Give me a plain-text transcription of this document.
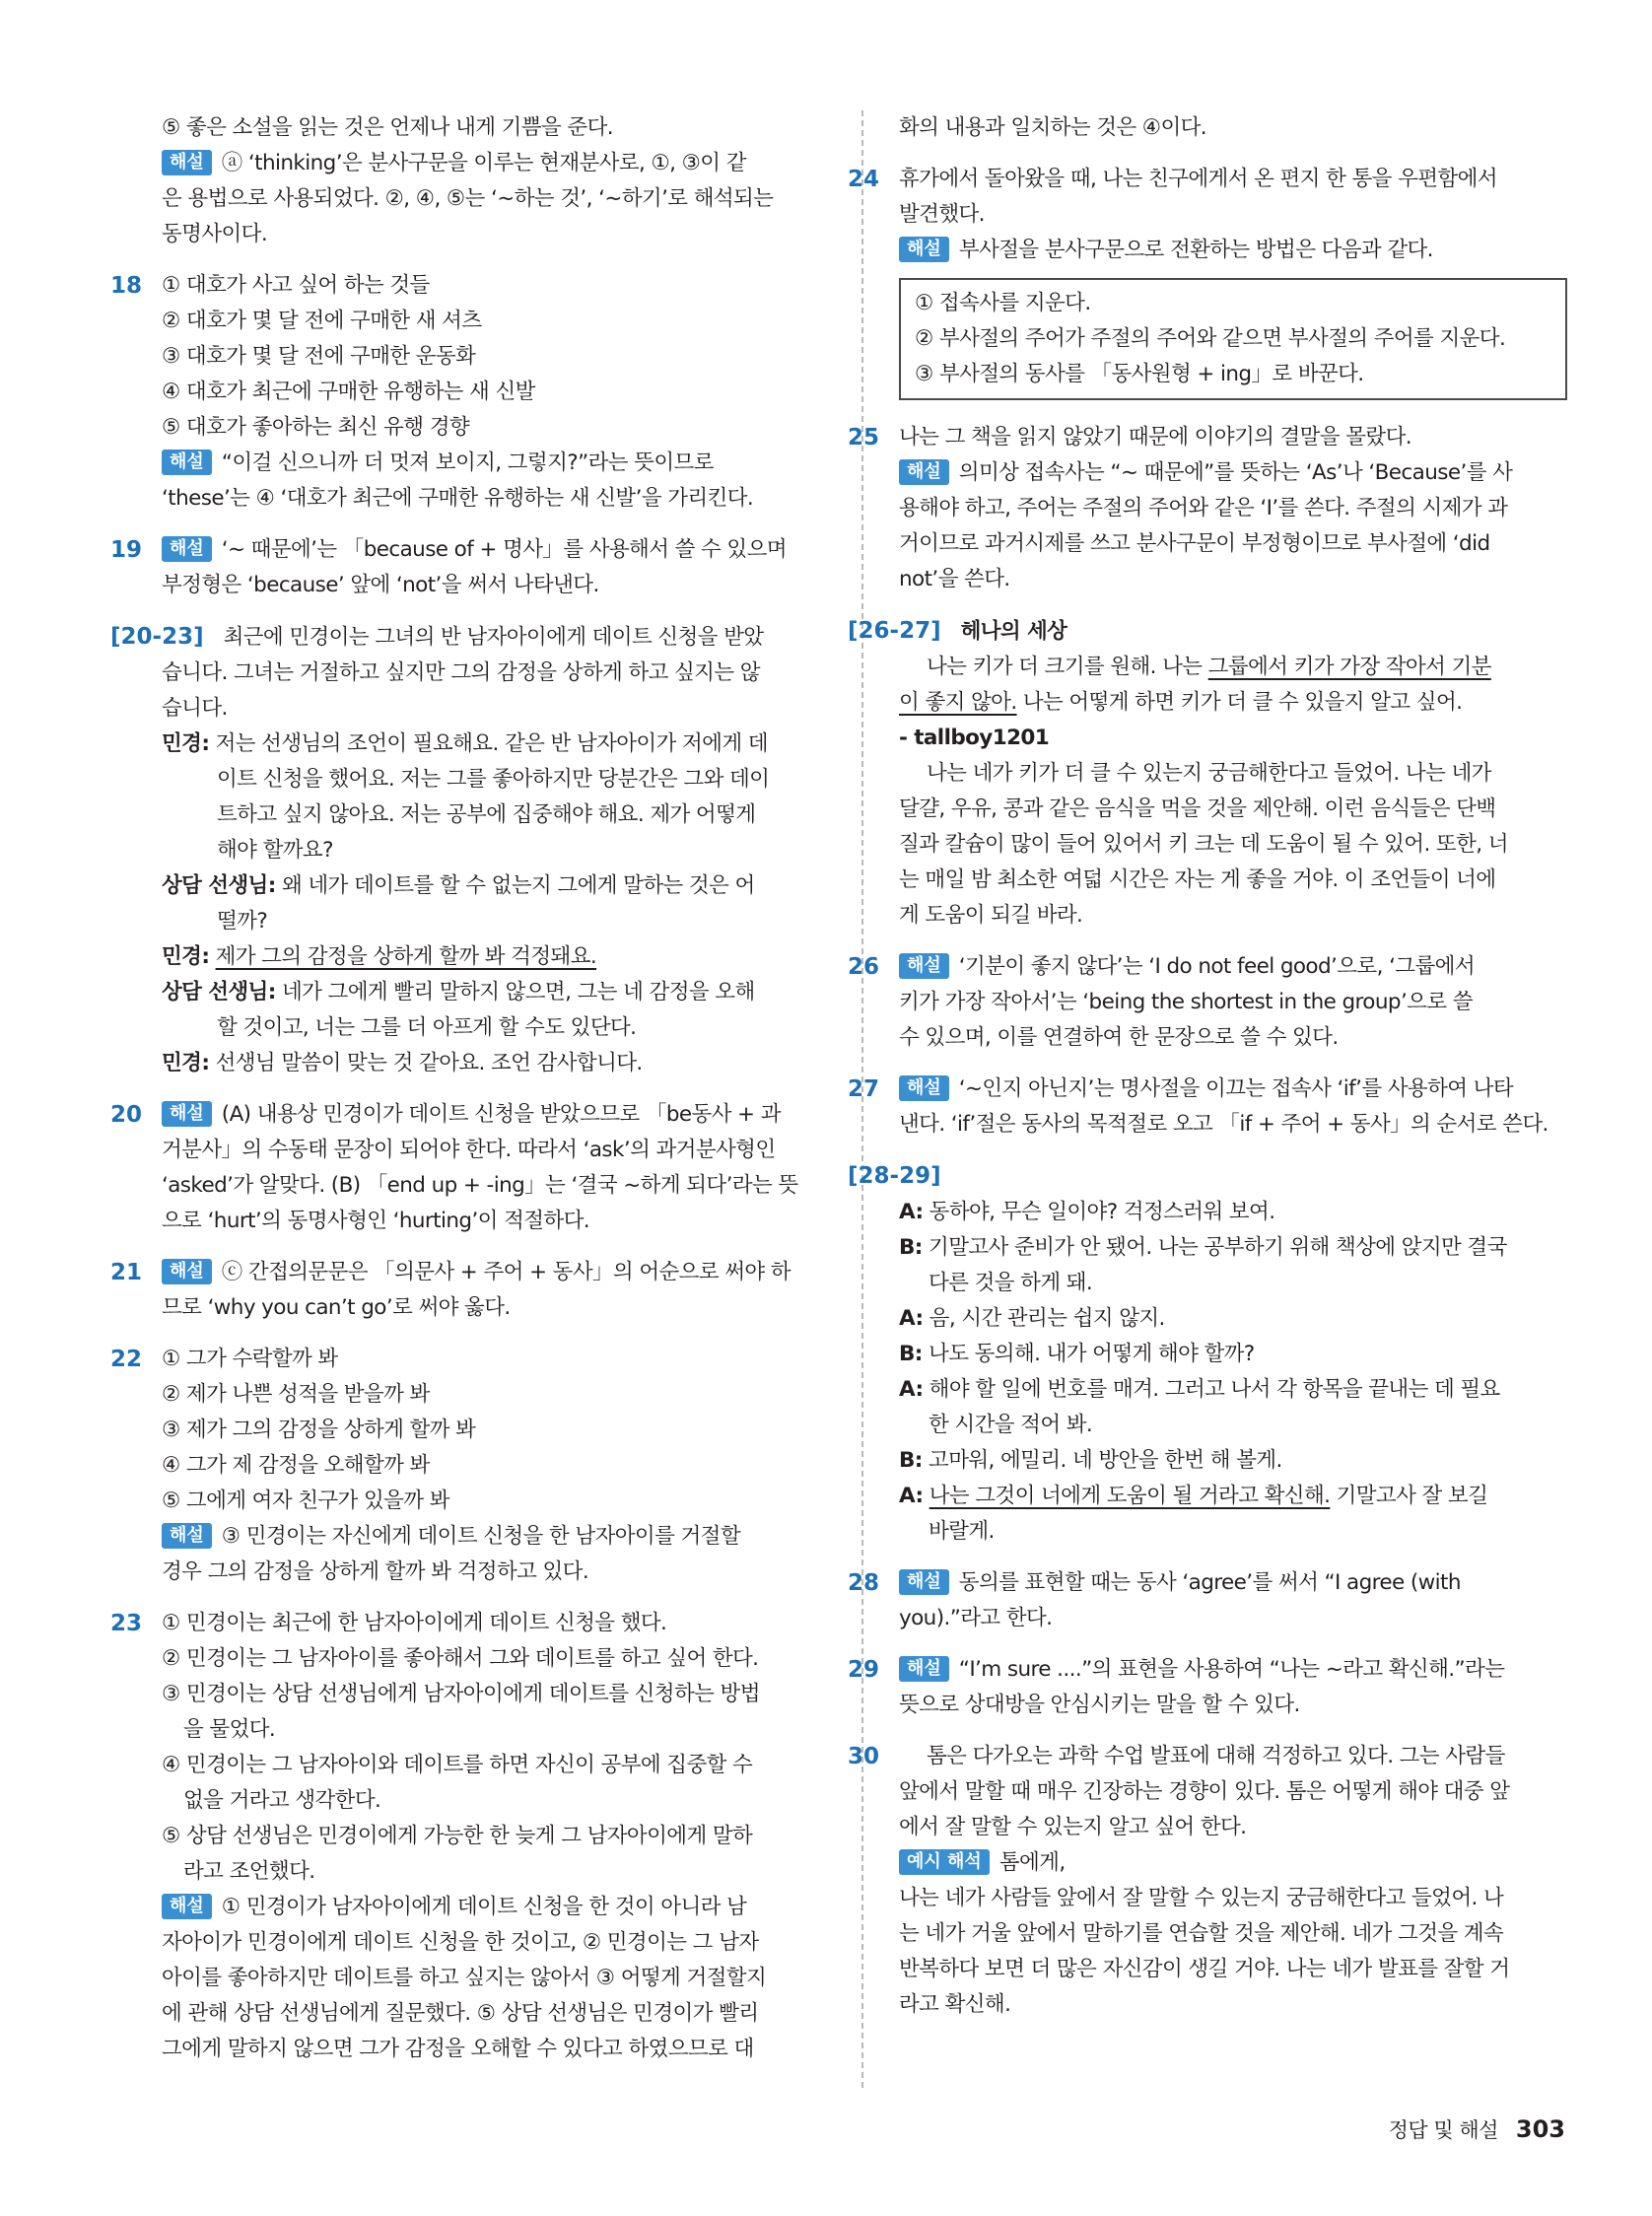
⑤ 좋은 소설을 읽는 것은 언제나 내게 기쁨을 준다.
해설 ⓐ ‘thinking’은 분사구문을 이루는 현재분사로, ①, ③이 같
은 용법으로 사용되었다. ②, ④, ⑤는 ‘~하는 것’, ‘~하기’로 해석되는
동명사이다.
18 ① 대호가 사고 싶어 하는 것들
② 대호가 몇 달 전에 구매한 새 셔츠
③ 대호가 몇 달 전에 구매한 운동화
④ 대호가 최근에 구매한 유행하는 새 신발
⑤ 대호가 좋아하는 최신 유행 경향
해설 “이걸 신으니까 더 멋져 보이지, 그렇지?”라는 뜻이므로
‘these’는 ④ ‘대호가 최근에 구매한 유행하는 새 신발’을 가리킨다.
19	해설 ‘~ 때문에’는 「because of + 명사」를 사용해서 쓸 수 있으며
부정형은 ‘because’ 앞에 ‘not’을 써서 나타낸다.
[20-23] 최근에 민경이는 그녀의 반 남자아이에게 데이트 신청을 받았
습니다. 그녀는 거절하고 싶지만 그의 감정을 상하게 하고 싶지는 않
습니다.
민경: 저는 선생님의 조언이 필요해요. 같은 반 남자아이가 저에게 데
이트 신청을 했어요. 저는 그를 좋아하지만 당분간은 그와 데이
트하고 싶지 않아요. 저는 공부에 집중해야 해요. 제가 어떻게
해야 할까요?
상담 선생님: 왜 네가 데이트를 할 수 없는지 그에게 말하는 것은 어
떨까?
민경: 제가 그의 감정을 상하게 할까 봐 걱정돼요.
상담 선생님: 네가 그에게 빨리 말하지 않으면, 그는 네 감정을 오해
할 것이고, 너는 그를 더 아프게 할 수도 있단다.
민경: 선생님 말씀이 맞는 것 같아요. 조언 감사합니다.
20	해설 (A) 내용상 민경이가 데이트 신청을 받았으므로 「be동사 + 과
거분사」의 수동태 문장이 되어야 한다. 따라서 ‘ask’의 과거분사형인
‘asked’가 알맞다. (B) 「end up + -ing」는 ‘결국 ~하게 되다’라는 뜻
으로 ‘hurt’의 동명사형인 ‘hurting’이 적절하다.
21	해설 ⓒ 간접의문문은 「의문사 + 주어 + 동사」의 어순으로 써야 하
므로 ‘why you can’t go’로 써야 옳다.
22 ① 그가 수락할까 봐
② 제가 나쁜 성적을 받을까 봐
③ 제가 그의 감정을 상하게 할까 봐
④ 그가 제 감정을 오해할까 봐
⑤ 그에게 여자 친구가 있을까 봐
해설 ③ 민경이는 자신에게 데이트 신청을 한 남자아이를 거절할
경우 그의 감정을 상하게 할까 봐 걱정하고 있다.
23 ① 민경이는 최근에 한 남자아이에게 데이트 신청을 했다.
② 민경이는 그 남자아이를 좋아해서 그와 데이트를 하고 싶어 한다.
③ 민경이는 상담 선생님에게 남자아이에게 데이트를 신청하는 방법
을 물었다.
④ 민경이는 그 남자아이와 데이트를 하면 자신이 공부에 집중할 수
없을 거라고 생각한다.
⑤ 상담 선생님은 민경이에게 가능한 한 늦게 그 남자아이에게 말하
라고 조언했다.
해설 ① 민경이가 남자아이에게 데이트 신청을 한 것이 아니라 남
자아이가 민경이에게 데이트 신청을 한 것이고, ② 민경이는 그 남자
아이를 좋아하지만 데이트를 하고 싶지는 않아서 ③ 어떻게 거절할지
에 관해 상담 선생님에게 질문했다. ⑤ 상담 선생님은 민경이가 빨리
그에게 말하지 않으면 그가 감정을 오해할 수 있다고 하였으므로 대
화의 내용과 일치하는 것은 ④이다.
24 휴가에서 돌아왔을 때, 나는 친구에게서 온 편지 한 통을 우편함에서
발견했다.
해설 부사절을 분사구문으로 전환하는 방법은 다음과 같다.
① 접속사를 지운다.
② 부사절의 주어가 주절의 주어와 같으면 부사절의 주어를 지운다.
③ 부사절의 동사를 「동사원형 + ing」로 바꾼다.
25 나는 그 책을 읽지 않았기 때문에 이야기의 결말을 몰랐다.
해설 의미상 접속사는 “~ 때문에”를 뜻하는 ‘As’나 ‘Because’를 사
용해야 하고, 주어는 주절의 주어와 같은 ‘I’를 쓴다. 주절의 시제가 과
거이므로 과거시제를 쓰고 분사구문이 부정형이므로 부사절에 ‘did
not’을 쓴다.
[26-27] 헤나의 세상
나는 키가 더 크기를 원해. 나는 그룹에서 키가 가장 작아서 기분
이 좋지 않아. 나는 어떻게 하면 키가 더 클 수 있을지 알고 싶어.
- tallboy1201
나는 네가 키가 더 클 수 있는지 궁금해한다고 들었어. 나는 네가
달걀, 우유, 콩과 같은 음식을 먹을 것을 제안해. 이런 음식들은 단백
질과 칼슘이 많이 들어 있어서 키 크는 데 도움이 될 수 있어. 또한, 너
는 매일 밤 최소한 여덟 시간은 자는 게 좋을 거야. 이 조언들이 너에
게 도움이 되길 바라.
26	해설 ‘기분이 좋지 않다’는 ‘I do not feel good’으로, ‘그룹에서
키가 가장 작아서’는 ‘being the shortest in the group’으로 쓸
수 있으며, 이를 연결하여 한 문장으로 쓸 수 있다.
27	해설 ‘~인지 아닌지’는 명사절을 이끄는 접속사 ‘if’를 사용하여 나타
낸다. ‘if’절은 동사의 목적절로 오고 「if + 주어 + 동사」의 순서로 쓴다.
[28-29]
A: 동하야, 무슨 일이야? 걱정스러워 보여.
B: 기말고사 준비가 안 됐어. 나는 공부하기 위해 책상에 앉지만 결국
다른 것을 하게 돼.
A: 음, 시간 관리는 쉽지 않지.
B: 나도 동의해. 내가 어떻게 해야 할까?
A: 해야 할 일에 번호를 매겨. 그러고 나서 각 항목을 끝내는 데 필요
한 시간을 적어 봐.
B: 고마워, 에밀리. 네 방안을 한번 해 볼게.
A: 나는 그것이 너에게 도움이 될 거라고 확신해. 기말고사 잘 보길
바랄게.
28	해설 동의를 표현할 때는 동사 ‘agree’를 써서 “I agree (with
you).”라고 한다.
29	해설 “I’m sure ....”의 표현을 사용하여 “나는 ~라고 확신해.”라는
뜻으로 상대방을 안심시키는 말을 할 수 있다.
30	톰은 다가오는 과학 수업 발표에 대해 걱정하고 있다. 그는 사람들
앞에서 말할 때 매우 긴장하는 경향이 있다. 톰은 어떻게 해야 대중 앞
에서 잘 말할 수 있는지 알고 싶어 한다.
예시 해석 톰에게,
나는 네가 사람들 앞에서 잘 말할 수 있는지 궁금해한다고 들었어. 나
는 네가 거울 앞에서 말하기를 연습할 것을 제안해. 네가 그것을 계속
반복하다 보면 더 많은 자신감이 생길 거야. 나는 네가 발표를 잘할 거
라고 확신해.
정답 및 해설 303
